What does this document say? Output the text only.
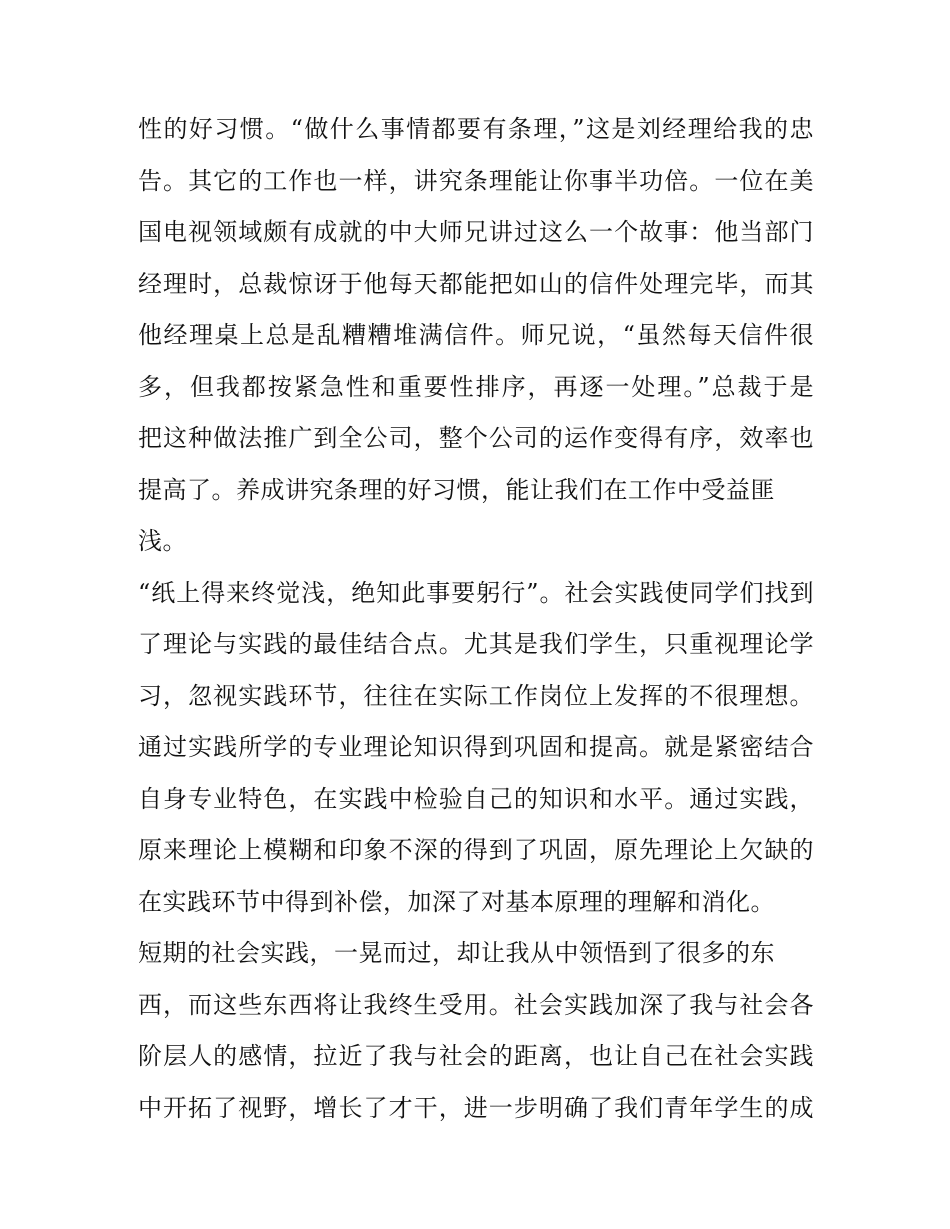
性的好习惯。“做什么事情都要有条理，”这是刘经理给我的忠
告。其它的工作也一样，讲究条理能让你事半功倍。一位在美
国电视领域颇有成就的中大师兄讲过这么一个故事：他当部门
经理时，总裁惊讶于他每天都能把如山的信件处理完毕，而其
他经理桌上总是乱糟糟堆满信件。师兄说，“虽然每天信件很
多，但我都按紧急性和重要性排序，再逐一处理。”总裁于是
把这种做法推广到全公司，整个公司的运作变得有序，效率也
提高了。养成讲究条理的好习惯，能让我们在工作中受益匪
浅。
“纸上得来终觉浅，绝知此事要躬行”。社会实践使同学们找到
了理论与实践的最佳结合点。尤其是我们学生，只重视理论学
习，忽视实践环节，往往在实际工作岗位上发挥的不很理想。
通过实践所学的专业理论知识得到巩固和提高。就是紧密结合
自身专业特色，在实践中检验自己的知识和水平。通过实践，
原来理论上模糊和印象不深的得到了巩固，原先理论上欠缺的
在实践环节中得到补偿，加深了对基本原理的理解和消化。
短期的社会实践，一晃而过，却让我从中领悟到了很多的东
西，而这些东西将让我终生受用。社会实践加深了我与社会各
阶层人的感情，拉近了我与社会的距离，也让自己在社会实践
中开拓了视野，增长了才干，进一步明确了我们青年学生的成
